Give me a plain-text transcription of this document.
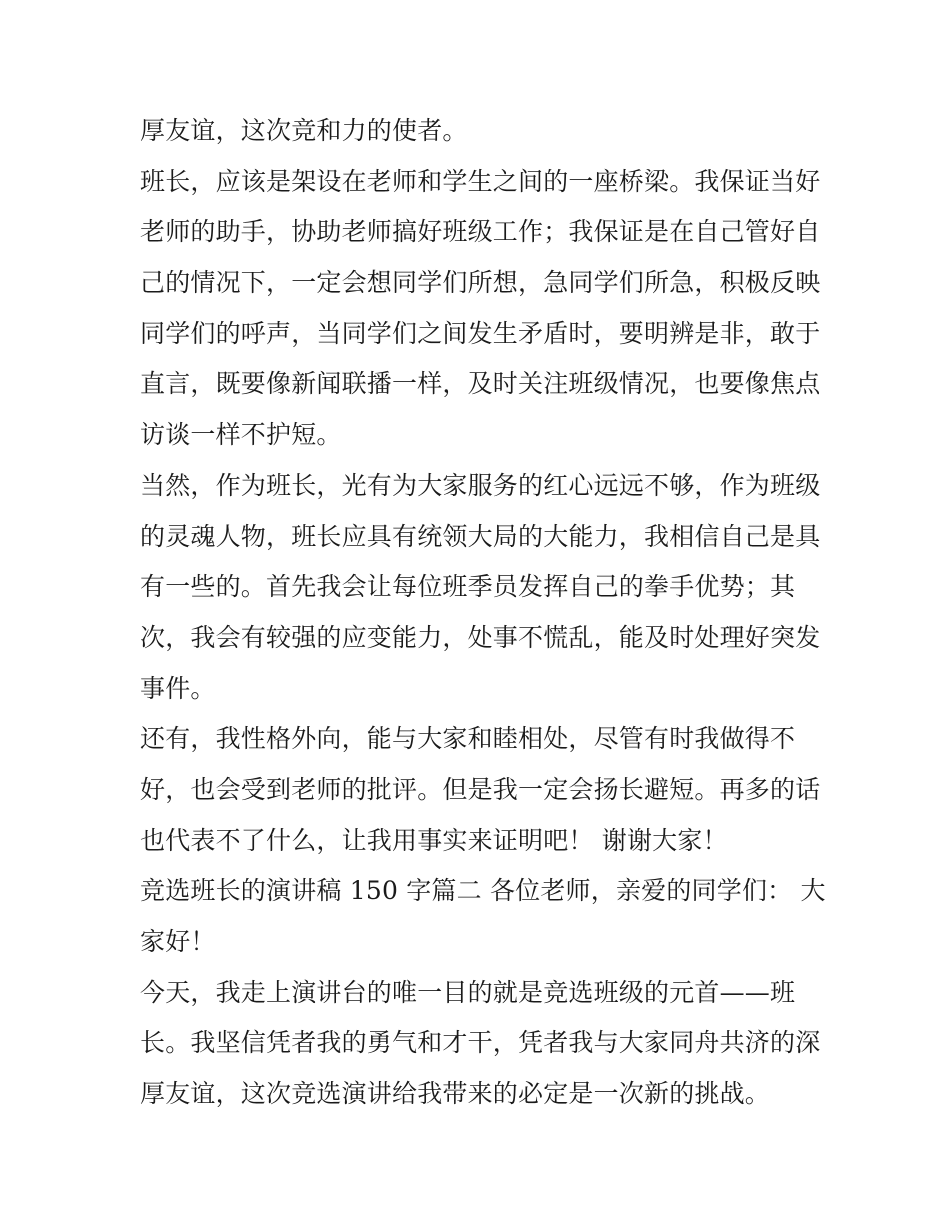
厚友谊，这次竞和力的使者。
班长，应该是架设在老师和学生之间的一座桥梁。我保证当好
老师的助手，协助老师搞好班级工作；我保证是在自己管好自
己的情况下，一定会想同学们所想，急同学们所急，积极反映
同学们的呼声，当同学们之间发生矛盾时，要明辨是非，敢于
直言，既要像新闻联播一样，及时关注班级情况，也要像焦点
访谈一样不护短。
当然，作为班长，光有为大家服务的红心远远不够，作为班级
的灵魂人物，班长应具有统领大局的大能力，我相信自己是具
有一些的。首先我会让每位班季员发挥自己的拳手优势；其
次，我会有较强的应变能力，处事不慌乱，能及时处理好突发
事件。
还有，我性格外向，能与大家和睦相处，尽管有时我做得不
好，也会受到老师的批评。但是我一定会扬长避短。再多的话
也代表不了什么，让我用事实来证明吧！ 谢谢大家！
竞选班长的演讲稿 150 字篇二 各位老师，亲爱的同学们： 大
家好！
今天，我走上演讲台的唯一目的就是竞选班级的元首——班
长。我坚信凭者我的勇气和才干，凭者我与大家同舟共济的深
厚友谊，这次竞选演讲给我带来的必定是一次新的挑战。
